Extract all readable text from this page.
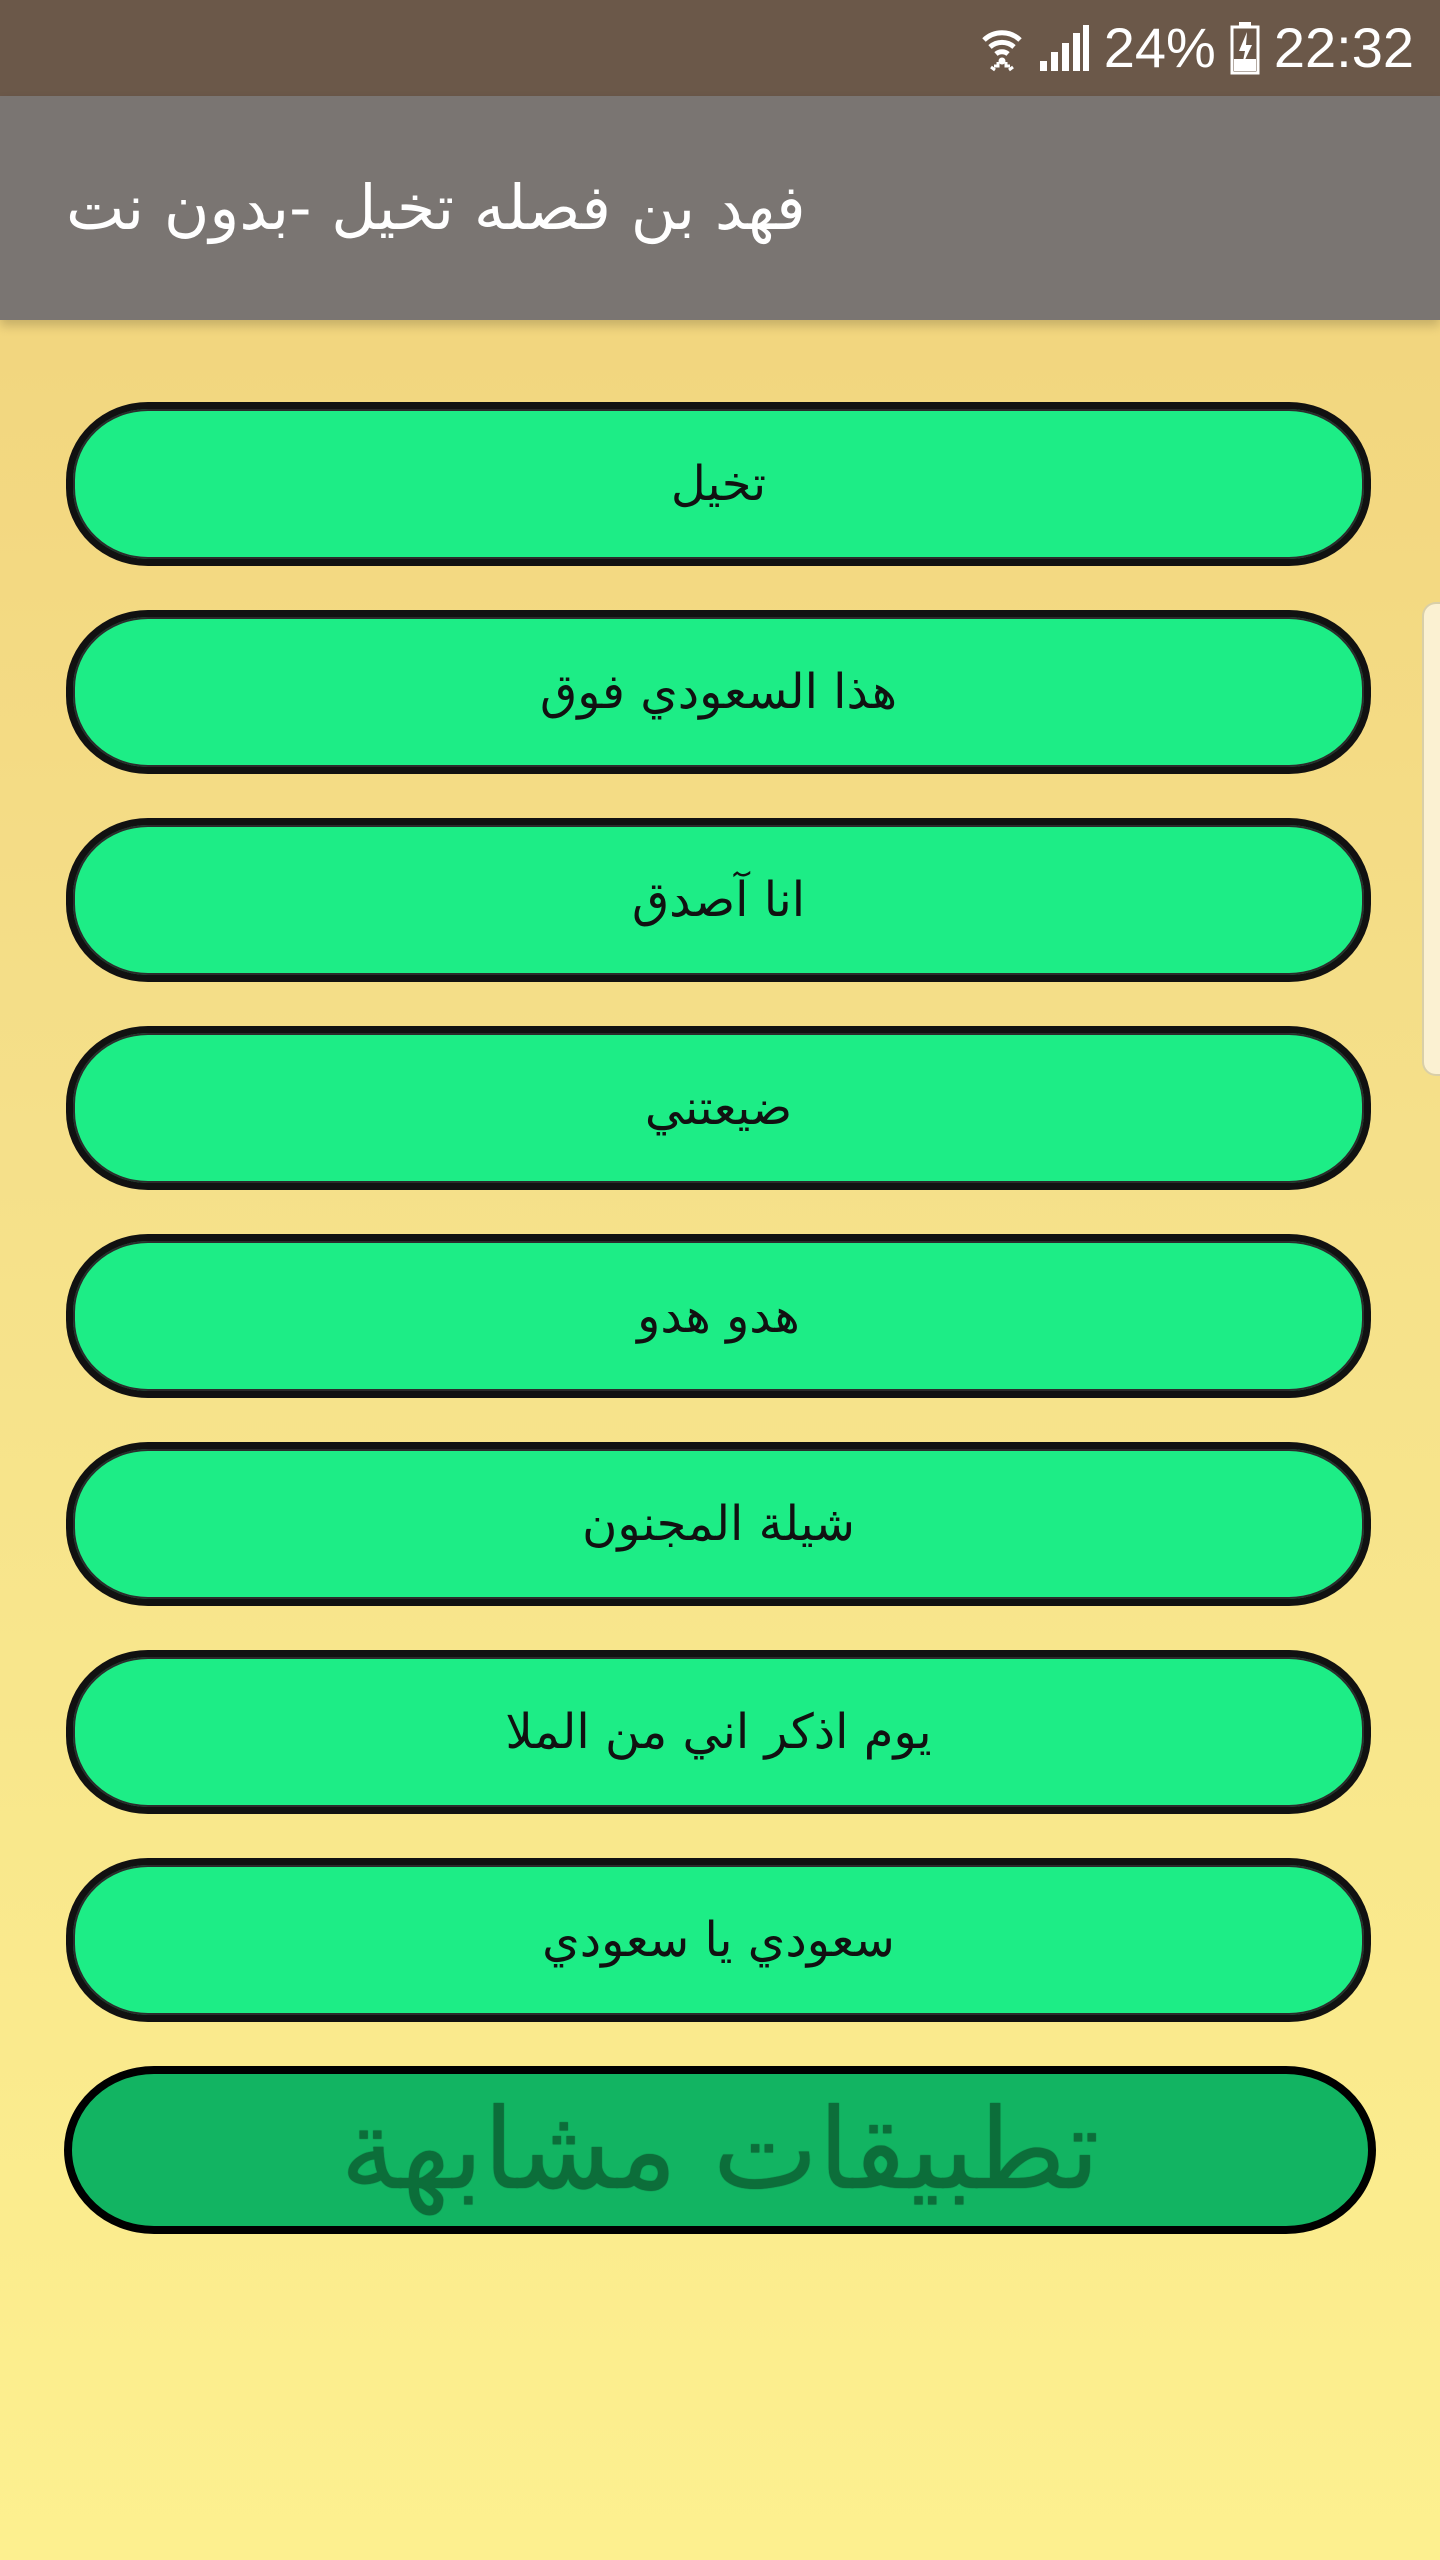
24% 22:32
فهد بن فصله تخيل -بدون نت
تخيل
هذا السعودي فوق
انا آصدق
ضيعتني
هدو هدو
شيلة المجنون
يوم اذكر اني من الملا
سعودي يا سعودي
تطبيقات مشابهة
